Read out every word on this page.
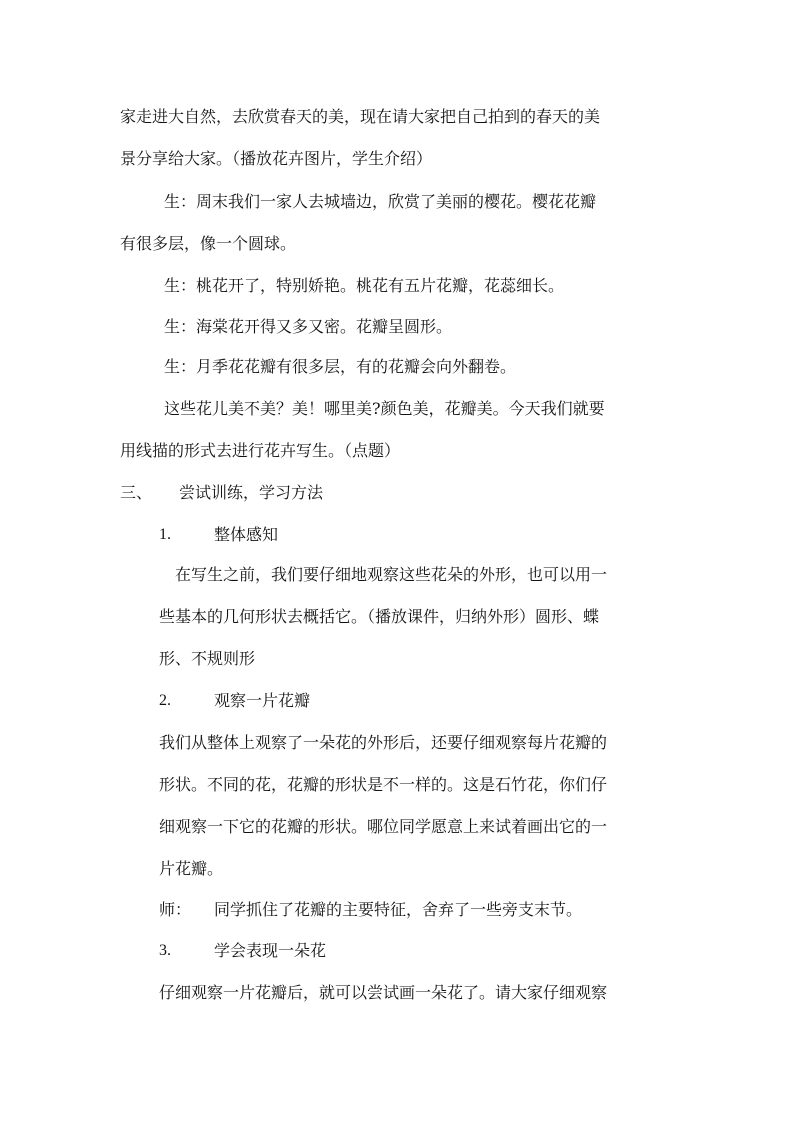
家走进大自然，去欣赏春天的美，现在请大家把自己拍到的春天的美
景分享给大家。（播放花卉图片，学生介绍）
生：周末我们一家人去城墙边，欣赏了美丽的樱花。樱花花瓣
有很多层，像一个圆球。
生：桃花开了，特别娇艳。桃花有五片花瓣，花蕊细长。
生：海棠花开得又多又密。花瓣呈圆形。
生：月季花花瓣有很多层，有的花瓣会向外翻卷。
这些花儿美不美？美！哪里美?颜色美，花瓣美。今天我们就要
用线描的形式去进行花卉写生。（点题）
三、 尝试训练，学习方法
1.	整体感知
在写生之前，我们要仔细地观察这些花朵的外形，也可以用一
些基本的几何形状去概括它。（播放课件，归纳外形）圆形、蝶
形、不规则形
2.	观察一片花瓣
我们从整体上观察了一朵花的外形后，还要仔细观察每片花瓣的
形状。不同的花，花瓣的形状是不一样的。这是石竹花，你们仔
细观察一下它的花瓣的形状。哪位同学愿意上来试着画出它的一
片花瓣。
师： 同学抓住了花瓣的主要特征，舍弃了一些旁支末节。
3.	学会表现一朵花
仔细观察一片花瓣后，就可以尝试画一朵花了。请大家仔细观察
